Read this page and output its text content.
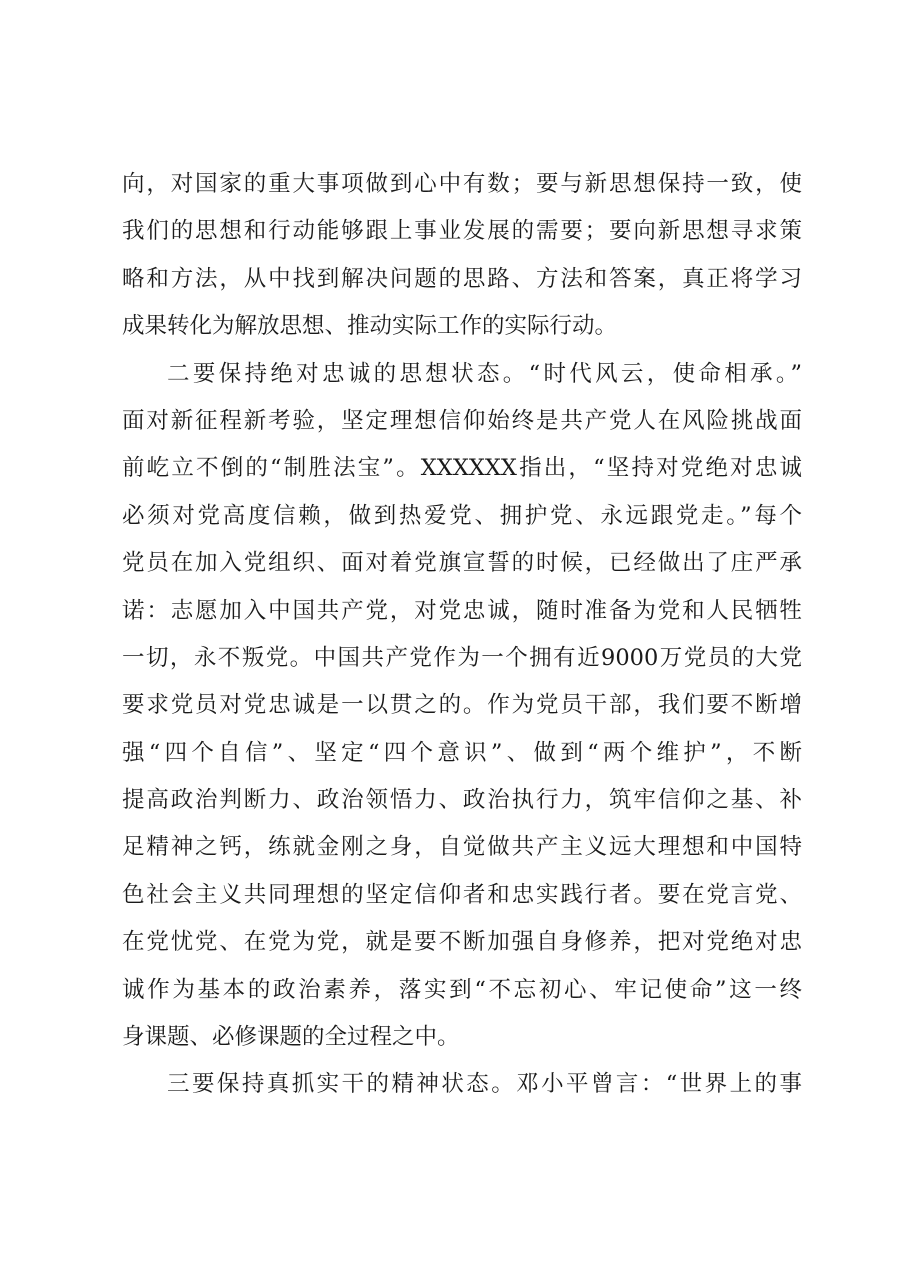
向，对国家的重大事项做到心中有数；要与新思想保持一致，使
我们的思想和行动能够跟上事业发展的需要；要向新思想寻求策
略和方法，从中找到解决问题的思路、方法和答案，真正将学习
成果转化为解放思想、推动实际工作的实际行动。
二要保持绝对忠诚的思想状态。“时代风云，使命相承。”
面对新征程新考验，坚定理想信仰始终是共产党人在风险挑战面
前屹立不倒的“制胜法宝”。XXXXXX指出，“坚持对党绝对忠诚
必须对党高度信赖，做到热爱党、拥护党、永远跟党走。”每个
党员在加入党组织、面对着党旗宣誓的时候，已经做出了庄严承
诺：志愿加入中国共产党，对党忠诚，随时准备为党和人民牺牲
一切，永不叛党。中国共产党作为一个拥有近9000万党员的大党
要求党员对党忠诚是一以贯之的。作为党员干部，我们要不断增
强“四个自信”、坚定“四个意识”、做到“两个维护”，不断
提高政治判断力、政治领悟力、政治执行力，筑牢信仰之基、补
足精神之钙，练就金刚之身，自觉做共产主义远大理想和中国特
色社会主义共同理想的坚定信仰者和忠实践行者。要在党言党、
在党忧党、在党为党，就是要不断加强自身修养，把对党绝对忠
诚作为基本的政治素养，落实到“不忘初心、牢记使命”这一终
身课题、必修课题的全过程之中。
三要保持真抓实干的精神状态。邓小平曾言：“世界上的事
